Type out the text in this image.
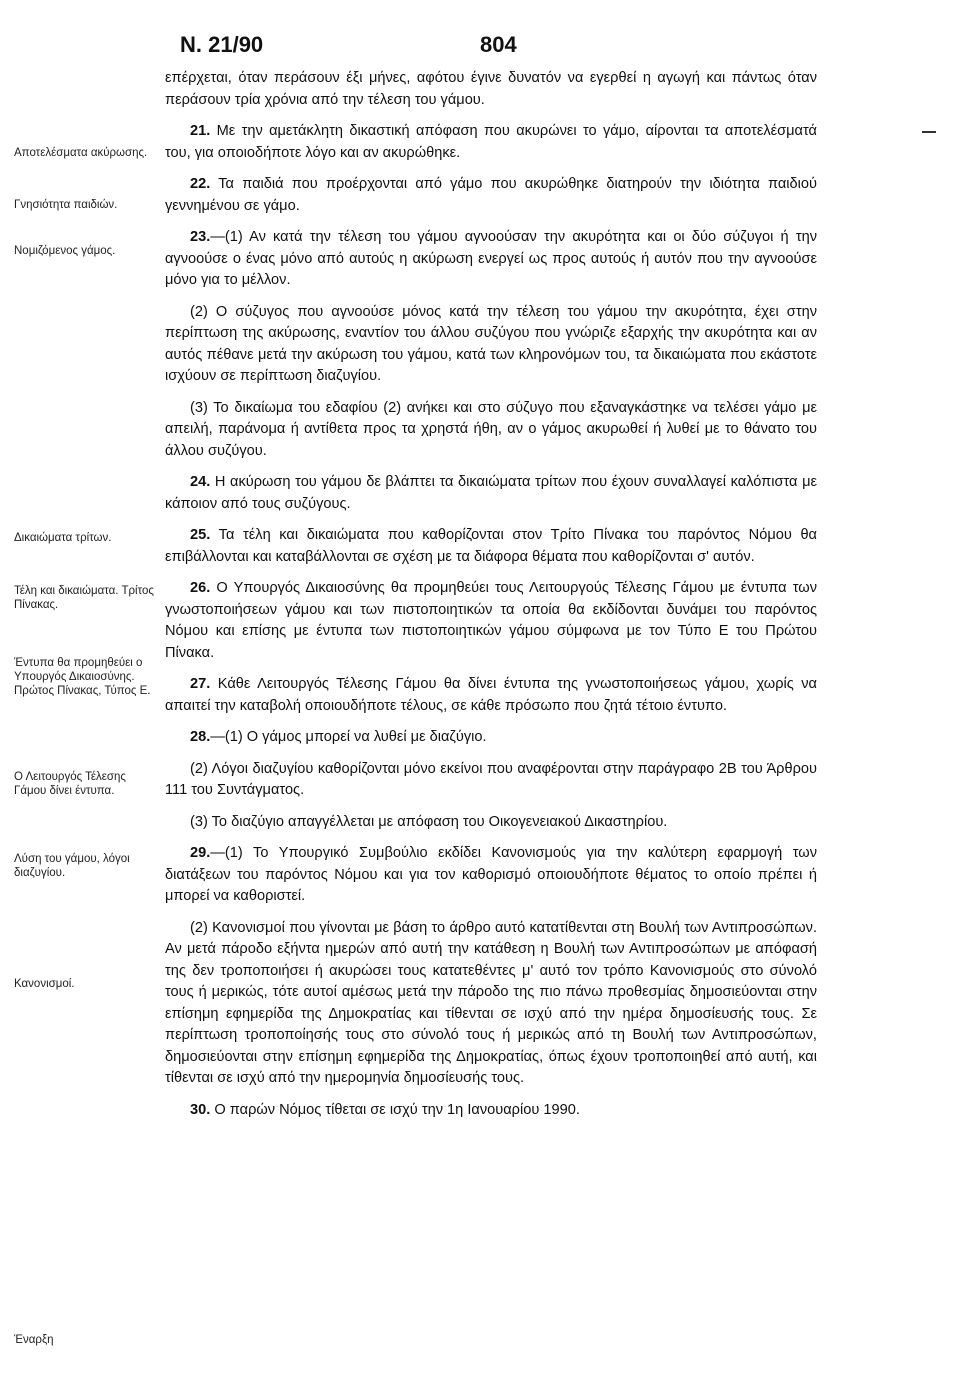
Ν. 21/90	804
Αποτελέσματα ακύρωσης.
Γνησιότητα παιδιών.
Νομιζόμενος γάμος.
Δικαιώματα τρίτων.
Τέλη και δικαιώματα. Τρίτος Πίνακας.
Έντυπα θα προμηθεύει ο Υπουργός Δικαιοσύνης. Πρώτος Πίνακας, Τύπος Ε.
Ο Λειτουργός Τέλεσης Γάμου δίνει έντυπα.
Λύση του γάμου, λόγοι διαζυγίου.
Κανονισμοί.
Έναρξη

επέρχεται, όταν περάσουν έξι μήνες, αφότου έγινε δυνατόν να εγερθεί η αγωγή και πάντως όταν περάσουν τρία χρόνια από την τέλεση του γάμου.

21. Με την αμετάκλητη δικαστική απόφαση που ακυρώνει το γάμο, αίρονται τα αποτελέσματά του, για οποιοδήποτε λόγο και αν ακυρώθηκε.

22. Τα παιδιά που προέρχονται από γάμο που ακυρώθηκε διατηρούν την ιδιότητα παιδιού γεννημένου σε γάμο.

23.—(1) Αν κατά την τέλεση του γάμου αγνοούσαν την ακυρότητα και οι δύο σύζυγοι ή την αγνοούσε ο ένας μόνο από αυτούς η ακύρωση ενεργεί ως προς αυτούς ή αυτόν που την αγνοούσε μόνο για το μέλλον.

(2) Ο σύζυγος που αγνοούσε μόνος κατά την τέλεση του γάμου την ακυρότητα, έχει στην περίπτωση της ακύρωσης, εναντίον του άλλου συζύγου που γνώριζε εξαρχής την ακυρότητα και αν αυτός πέθανε μετά την ακύρωση του γάμου, κατά των κληρονόμων του, τα δικαιώματα που εκάστοτε ισχύουν σε περίπτωση διαζυγίου.

(3) Το δικαίωμα του εδαφίου (2) ανήκει και στο σύζυγο που εξαναγκάστηκε να τελέσει γάμο με απειλή, παράνομα ή αντίθετα προς τα χρηστά ήθη, αν ο γάμος ακυρωθεί ή λυθεί με το θάνατο του άλλου συζύγου.

24. Η ακύρωση του γάμου δε βλάπτει τα δικαιώματα τρίτων που έχουν συναλλαγεί καλόπιστα με κάποιον από τους συζύγους.

25. Τα τέλη και δικαιώματα που καθορίζονται στον Τρίτο Πίνακα του παρόντος Νόμου θα επιβάλλονται και καταβάλλονται σε σχέση με τα διάφορα θέματα που καθορίζονται σ' αυτόν.

26. Ο Υπουργός Δικαιοσύνης θα προμηθεύει τους Λειτουργούς Τέλεσης Γάμου με έντυπα των γνωστοποιήσεων γάμου και των πιστοποιητικών τα οποία θα εκδίδονται δυνάμει του παρόντος Νόμου και επίσης με έντυπα των πιστοποιητικών γάμου σύμφωνα με τον Τύπο Ε του Πρώτου Πίνακα.

27. Κάθε Λειτουργός Τέλεσης Γάμου θα δίνει έντυπα της γνωστοποιήσεως γάμου, χωρίς να απαιτεί την καταβολή οποιουδήποτε τέλους, σε κάθε πρόσωπο που ζητά τέτοιο έντυπο.

28.—(1) Ο γάμος μπορεί να λυθεί με διαζύγιο.

(2) Λόγοι διαζυγίου καθορίζονται μόνο εκείνοι που αναφέρονται στην παράγραφο 2Β του Άρθρου 111 του Συντάγματος.

(3) Το διαζύγιο απαγγέλλεται με απόφαση του Οικογενειακού Δικαστηρίου.

29.—(1) Το Υπουργικό Συμβούλιο εκδίδει Κανονισμούς για την καλύτερη εφαρμογή των διατάξεων του παρόντος Νόμου και για τον καθορισμό οποιουδήποτε θέματος το οποίο πρέπει ή μπορεί να καθοριστεί.

(2) Κανονισμοί που γίνονται με βάση το άρθρο αυτό κατατίθενται στη Βουλή των Αντιπροσώπων. Αν μετά πάροδο εξήντα ημερών από αυτή την κατάθεση η Βουλή των Αντιπροσώπων με απόφασή της δεν τροποποιήσει ή ακυρώσει τους κατατεθέντες μ' αυτό τον τρόπο Κανονισμούς στο σύνολό τους ή μερικώς, τότε αυτοί αμέσως μετά την πάροδο της πιο πάνω προθεσμίας δημοσιεύονται στην επίσημη εφημερίδα της Δημοκρατίας και τίθενται σε ισχύ από την ημέρα δημοσίευσής τους. Σε περίπτωση τροποποίησής τους στο σύνολό τους ή μερικώς από τη Βουλή των Αντιπροσώπων, δημοσιεύονται στην επίσημη εφημερίδα της Δημοκρατίας, όπως έχουν τροποποιηθεί από αυτή, και τίθενται σε ισχύ από την ημερομηνία δημοσίευσής τους.

30. Ο παρών Νόμος τίθεται σε ισχύ την 1η Ιανουαρίου 1990.
